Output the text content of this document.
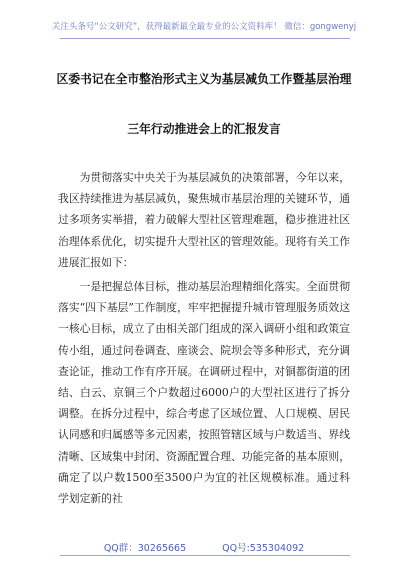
关注头条号“公文研究”，获得最新最全最专业的公文资料库！ 微信：gongwenyj
区委书记在全市整治形式主义为基层减负工作暨基层治理
三年行动推进会上的汇报发言

为贯彻落实中央关于为基层减负的决策部署，今年以来，我区持续推进为基层减负，聚焦城市基层治理的关键环节，通过多项务实举措，着力破解大型社区管理难题，稳步推进社区治理体系优化，切实提升大型社区的管理效能。现将有关工作进展汇报如下：

一是把握总体目标，推动基层治理精细化落实。全面贯彻落实“四下基层”工作制度，牢牢把握提升城市管理服务质效这一核心目标，成立了由相关部门组成的深入调研小组和政策宣传小组，通过问卷调查、座谈会、院坝会等多种形式，充分调查论证，推动工作有序开展。在调研过程中，对铜都街道的团结、白云、京铜三个户数超过6000户的大型社区进行了拆分调整。在拆分过程中，综合考虑了区域位置、人口规模、居民认同感和归属感等多元因素，按照管辖区域与户数适当、界线清晰、区域集中封闭、资源配置合理、功能完备的基本原则，确定了以户数1500至3500户为宜的社区规模标准。通过科学划定新的社

QQ群：30265665	QQ号:535304092
